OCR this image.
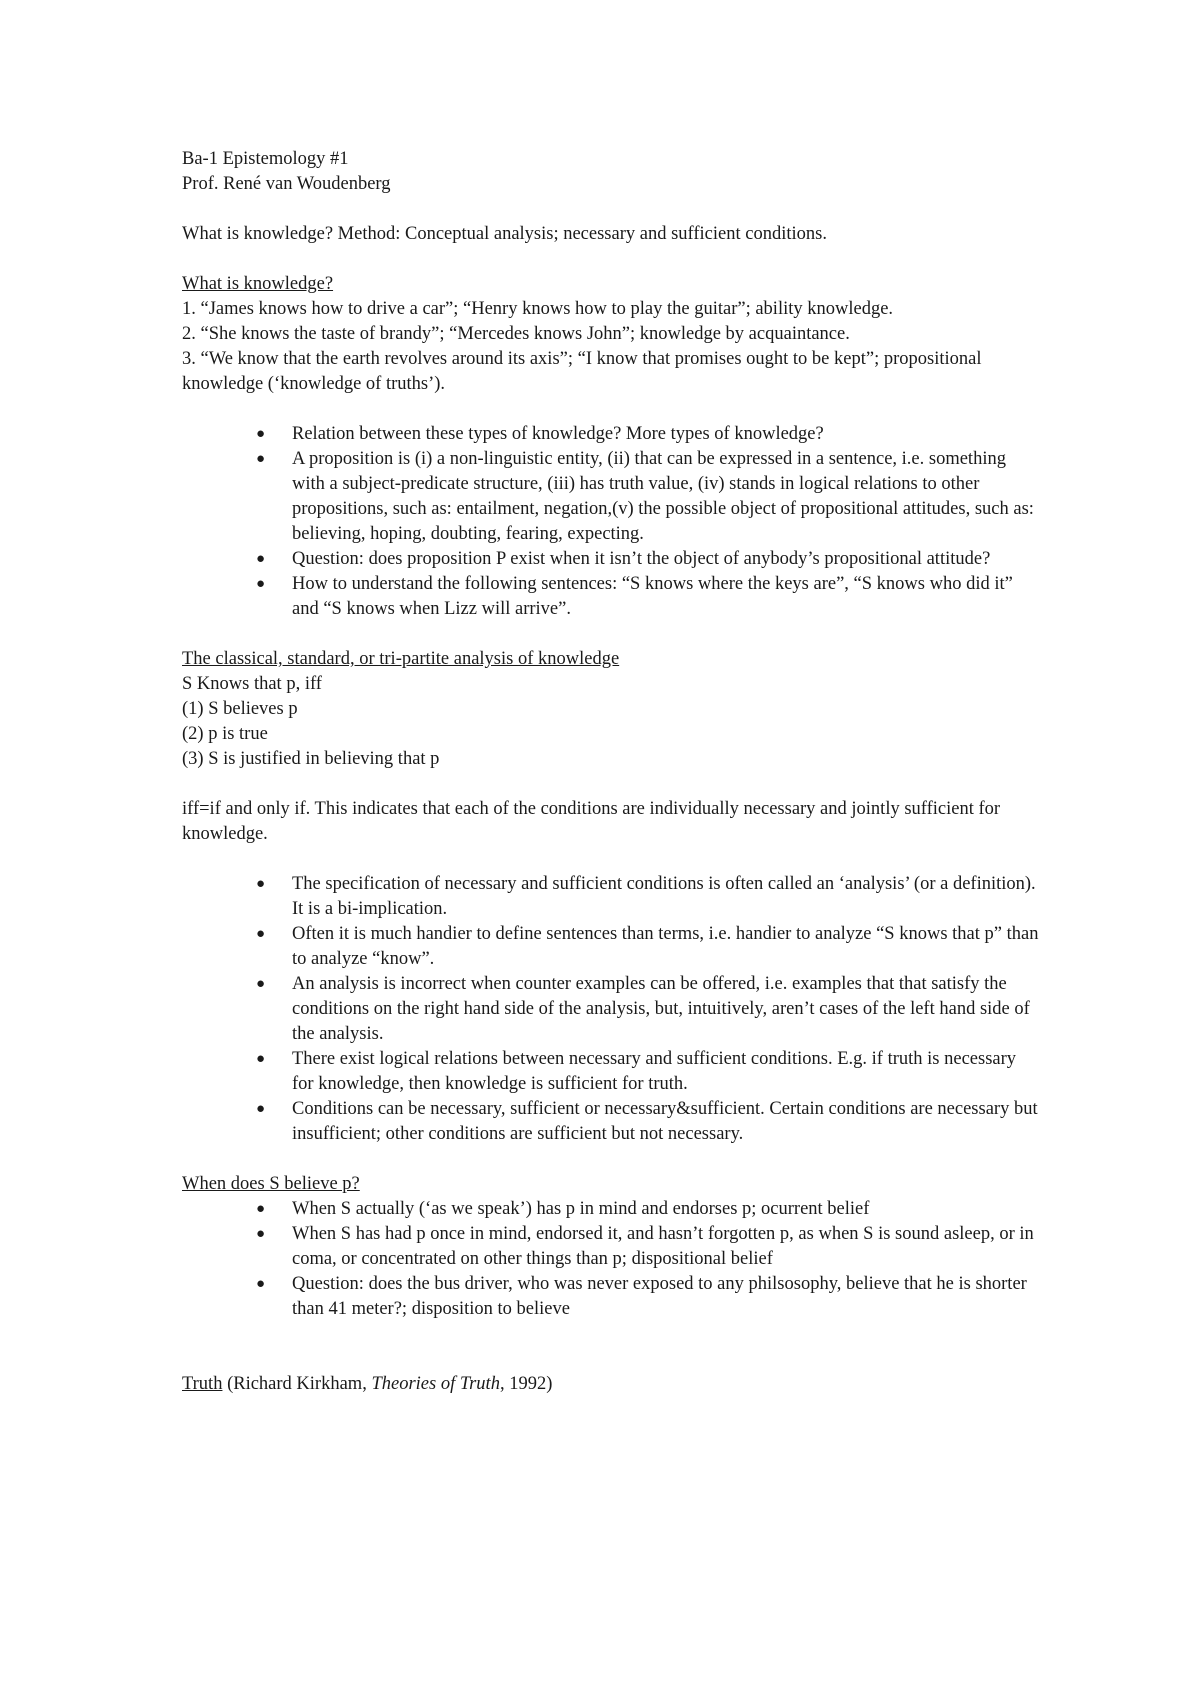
Ba-1 Epistemology #1

Prof. René van Woudenberg

What is knowledge? Method: Conceptual analysis; necessary and sufficient conditions.

What is knowledge?

1. “James knows how to drive a car”; “Henry knows how to play the guitar”; ability knowledge.

2. “She knows the taste of brandy”; “Mercedes knows John”; knowledge by acquaintance.

3. “We know that the earth revolves around its axis”; “I know that promises ought to be kept”; propositional knowledge (‘knowledge of truths’).

● Relation between these types of knowledge? More types of knowledge?
● A proposition is (i) a non-linguistic entity, (ii) that can be expressed in a sentence, i.e. something with a subject-predicate structure, (iii) has truth value, (iv) stands in logical relations to other propositions, such as: entailment, negation,(v) the possible object of propositional attitudes, such as: believing, hoping, doubting, fearing, expecting.
● Question: does proposition P exist when it isn’t the object of anybody’s propositional attitude?
● How to understand the following sentences: “S knows where the keys are”, “S knows who did it” and “S knows when Lizz will arrive”.

The classical, standard, or tri-partite analysis of knowledge

S Knows that p, iff

(1) S believes p

(2) p is true

(3) S is justified in believing that p

iff=if and only if. This indicates that each of the conditions are individually necessary and jointly sufficient for knowledge.

● The specification of necessary and sufficient conditions is often called an ‘analysis’ (or a definition). It is a bi-implication.
● Often it is much handier to define sentences than terms, i.e. handier to analyze “S knows that p” than to analyze “know”.
● An analysis is incorrect when counter examples can be offered, i.e. examples that that satisfy the conditions on the right hand side of the analysis, but, intuitively, aren’t cases of the left hand side of the analysis.
● There exist logical relations between necessary and sufficient conditions. E.g. if truth is necessary for knowledge, then knowledge is sufficient for truth.
● Conditions can be necessary, sufficient or necessary&sufficient. Certain conditions are necessary but insufficient; other conditions are sufficient but not necessary.

When does S believe p?

● When S actually (‘as we speak’) has p in mind and endorses p; ocurrent belief
● When S has had p once in mind, endorsed it, and hasn’t forgotten p, as when S is sound asleep, or in coma, or concentrated on other things than p; dispositional belief
● Question: does the bus driver, who was never exposed to any philsosophy, believe that he is shorter than 41 meter?; disposition to believe

Truth (Richard Kirkham, Theories of Truth, 1992)
